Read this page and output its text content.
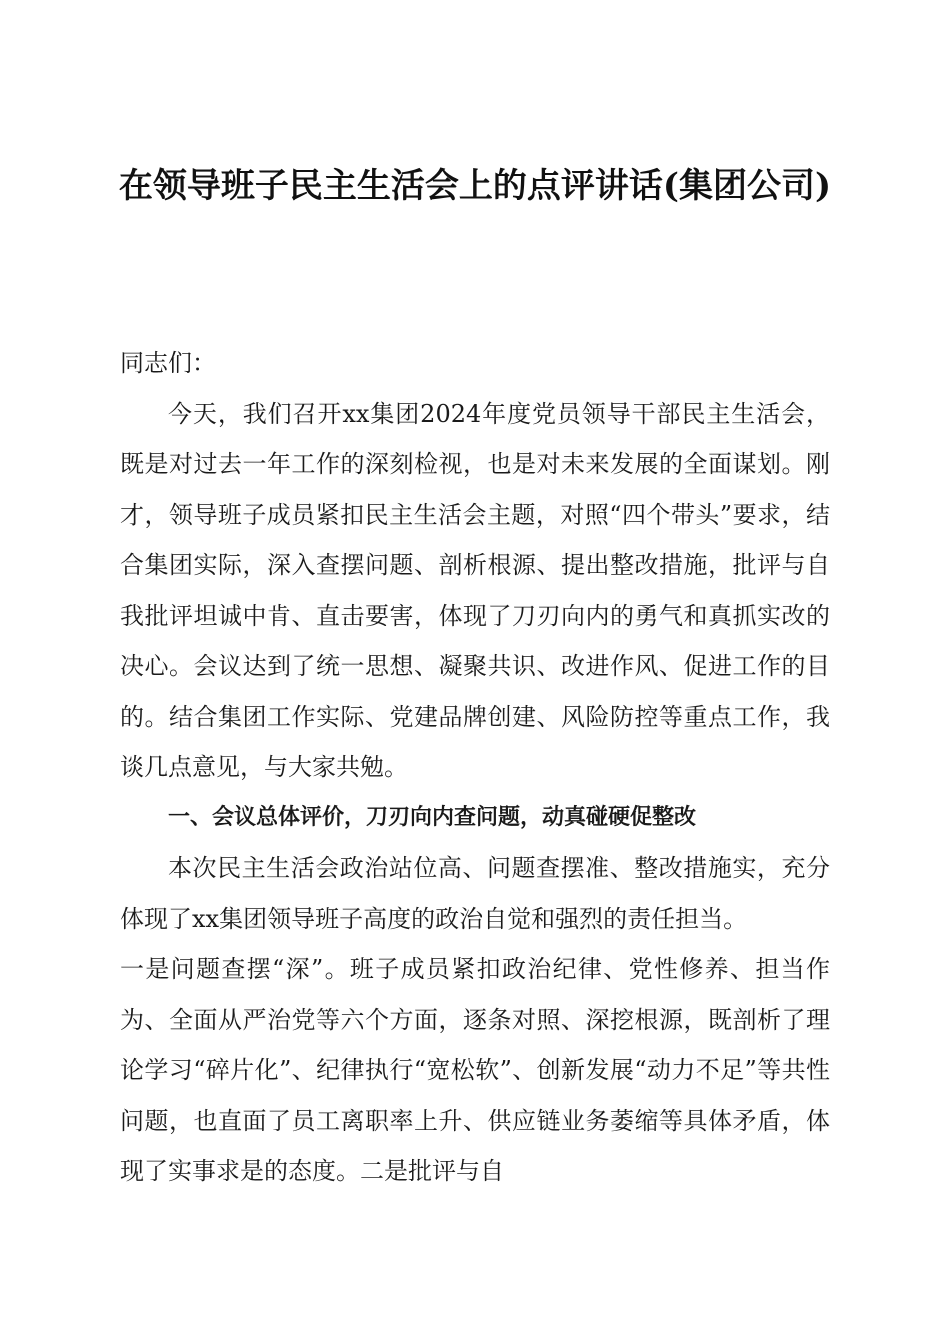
在领导班子民主生活会上的点评讲话(集团公司)

同志们：

今天，我们召开xx集团2024年度党员领导干部民主生活会，既是对过去一年工作的深刻检视，也是对未来发展的全面谋划。刚才，领导班子成员紧扣民主生活会主题，对照“四个带头”要求，结合集团实际，深入查摆问题、剖析根源、提出整改措施，批评与自我批评坦诚中肯、直击要害，体现了刀刃向内的勇气和真抓实改的决心。会议达到了统一思想、凝聚共识、改进作风、促进工作的目的。结合集团工作实际、党建品牌创建、风险防控等重点工作，我谈几点意见，与大家共勉。

一、会议总体评价，刀刃向内查问题，动真碰硬促整改

本次民主生活会政治站位高、问题查摆准、整改措施实，充分体现了xx集团领导班子高度的政治自觉和强烈的责任担当。

一是问题查摆“深”。班子成员紧扣政治纪律、党性修养、担当作为、全面从严治党等六个方面，逐条对照、深挖根源，既剖析了理论学习“碎片化”、纪律执行“宽松软”、创新发展“动力不足”等共性问题，也直面了员工离职率上升、供应链业务萎缩等具体矛盾，体现了实事求是的态度。二是批评与自
